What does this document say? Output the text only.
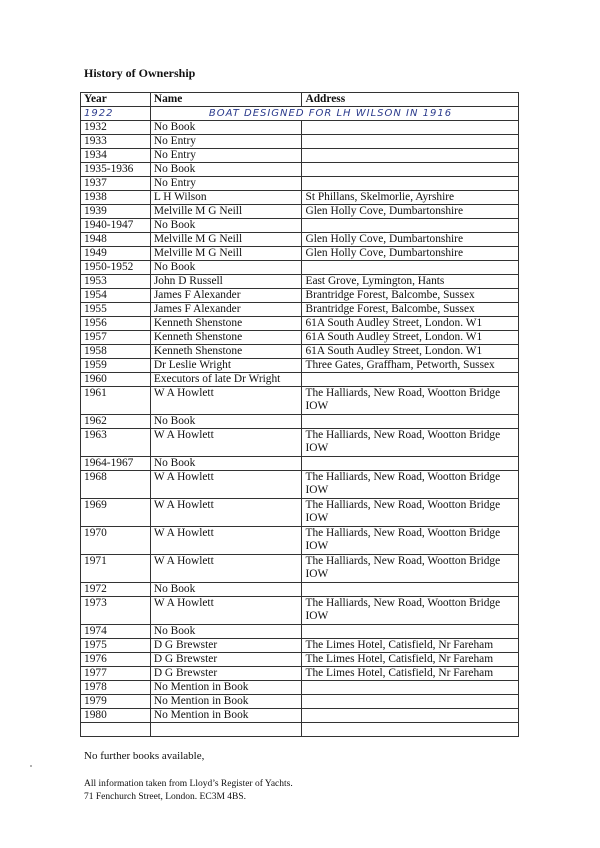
History of Ownership
Year	Name	Address
1922	BOAT DESIGNED FOR LH WILSON IN 1916	

1932	No Book	
1933	No Entry	
1934	No Entry	
1935-1936	No Book	
1937	No Entry	
1938	L H Wilson	St Phillans, Skelmorlie, Ayrshire
1939	Melville M G Neill	Glen Holly Cove, Dumbartonshire
1940-1947	No Book	
1948	Melville M G Neill	Glen Holly Cove, Dumbartonshire
1949	Melville M G Neill	Glen Holly Cove, Dumbartonshire
1950-1952	No Book	
1953	John D Russell	East Grove, Lymington, Hants
1954	James F Alexander	Brantridge Forest, Balcombe, Sussex
1955	James F Alexander	Brantridge Forest, Balcombe, Sussex
1956	Kenneth Shenstone	61A South Audley Street, London. W1
1957	Kenneth Shenstone	61A South Audley Street, London. W1
1958	Kenneth Shenstone	61A South Audley Street, London. W1
1959	Dr Leslie Wright	Three Gates, Graffham, Petworth, Sussex
1960	Executors of late Dr Wright	
1961	W A Howlett	The Halliards, New Road, Wootton Bridge IOW
1962	No Book	
1963	W A Howlett	The Halliards, New Road, Wootton Bridge IOW
1964-1967	No Book	
1968	W A Howlett	The Halliards, New Road, Wootton Bridge IOW
1969	W A Howlett	The Halliards, New Road, Wootton Bridge IOW
1970	W A Howlett	The Halliards, New Road, Wootton Bridge IOW
1971	W A Howlett	The Halliards, New Road, Wootton Bridge IOW
1972	No Book	
1973	W A Howlett	The Halliards, New Road, Wootton Bridge IOW
1974	No Book	
1975	D G Brewster	The Limes Hotel, Catisfield, Nr Fareham
1976	D G Brewster	The Limes Hotel, Catisfield, Nr Fareham
1977	D G Brewster	The Limes Hotel, Catisfield, Nr Fareham
1978	No Mention in Book	
1979	No Mention in Book	
1980	No Mention in Book	

No further books available,
All information taken from Lloyd’s Register of Yachts.
71 Fenchurch Street, London. EC3M 4BS.
